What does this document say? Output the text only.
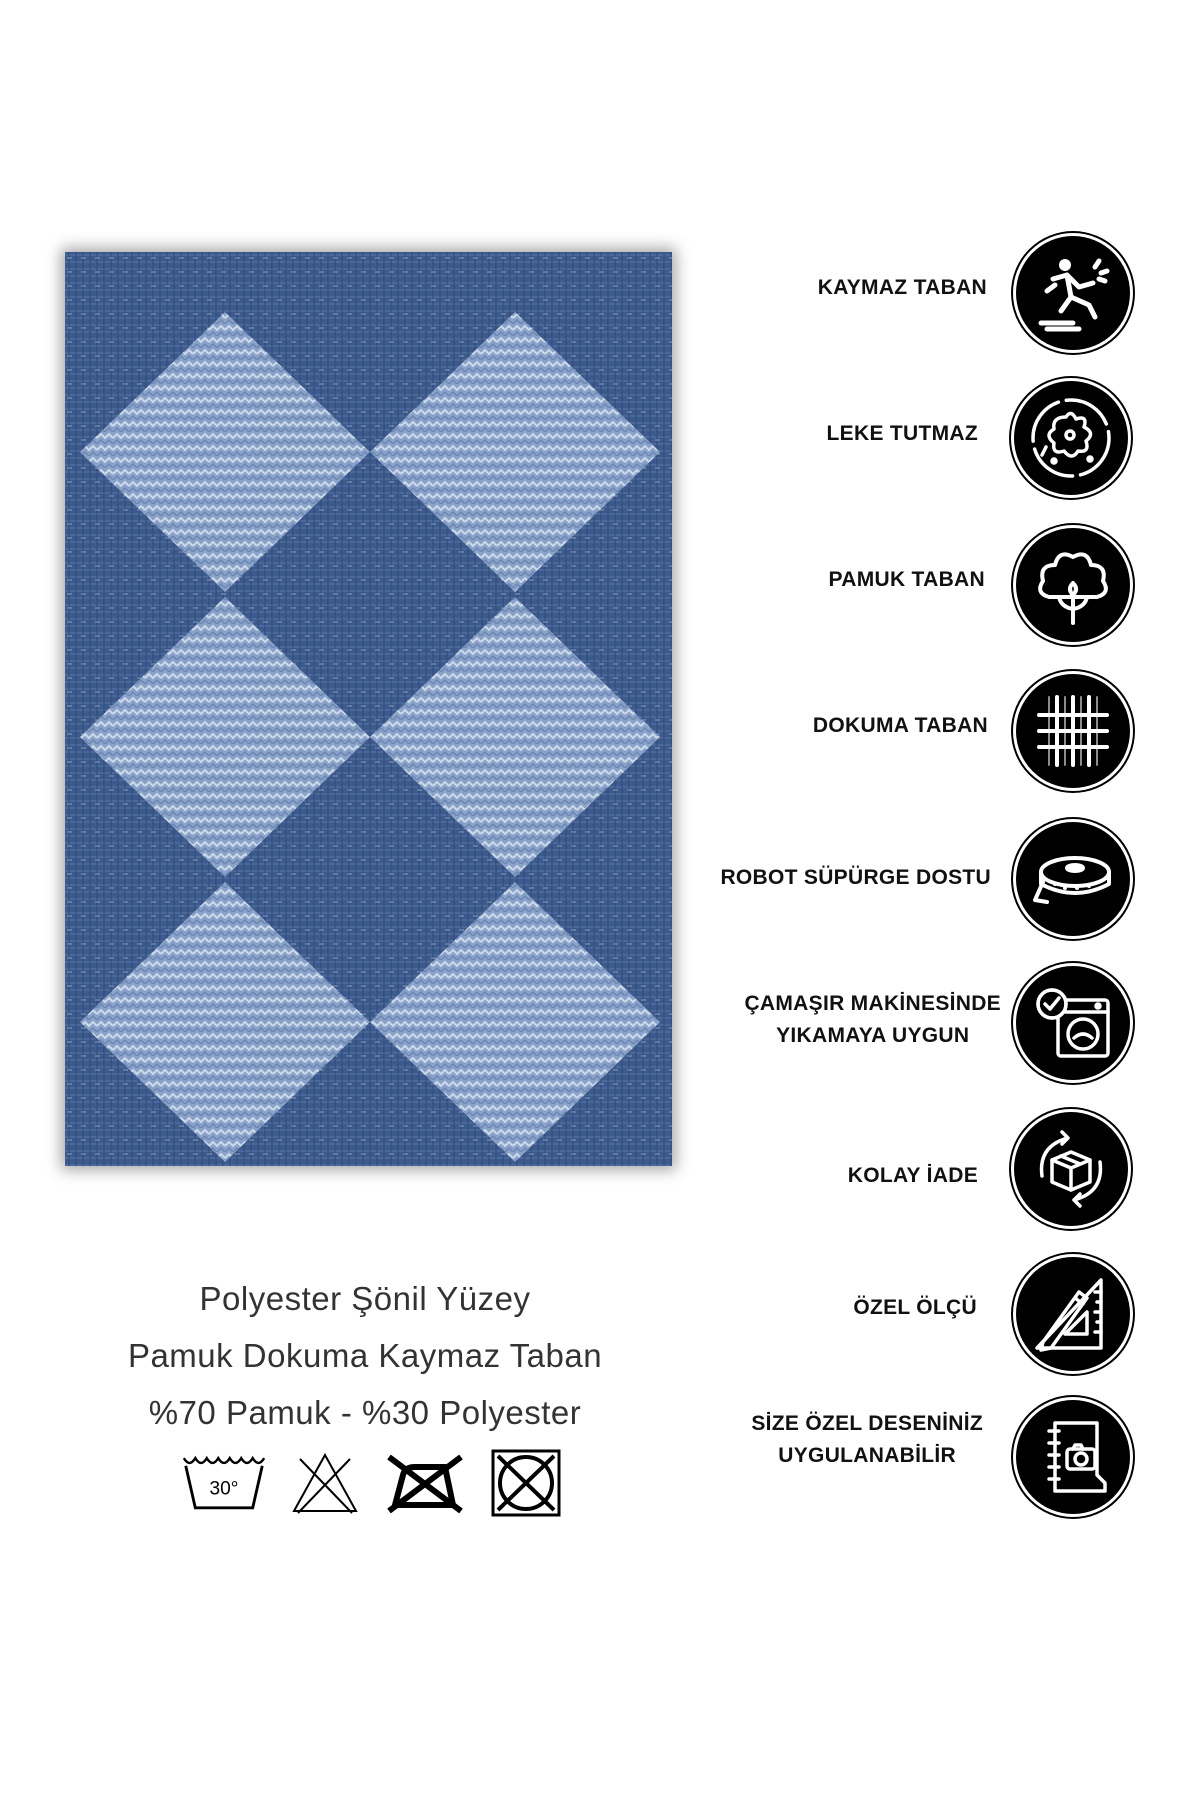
Polyester Şönil Yüzey
Pamuk Dokuma Kaymaz Taban
%70 Pamuk - %30 Polyester
30°
KAYMAZ TABAN
LEKE TUTMAZ
PAMUK TABAN
DOKUMA TABAN
ROBOT SÜPÜRGE DOSTU
ÇAMAŞIR MAKİNESİNDE
YIKAMAYA UYGUN
KOLAY İADE
ÖZEL ÖLÇÜ
SİZE ÖZEL DESENİNİZ
UYGULANABİLİR
